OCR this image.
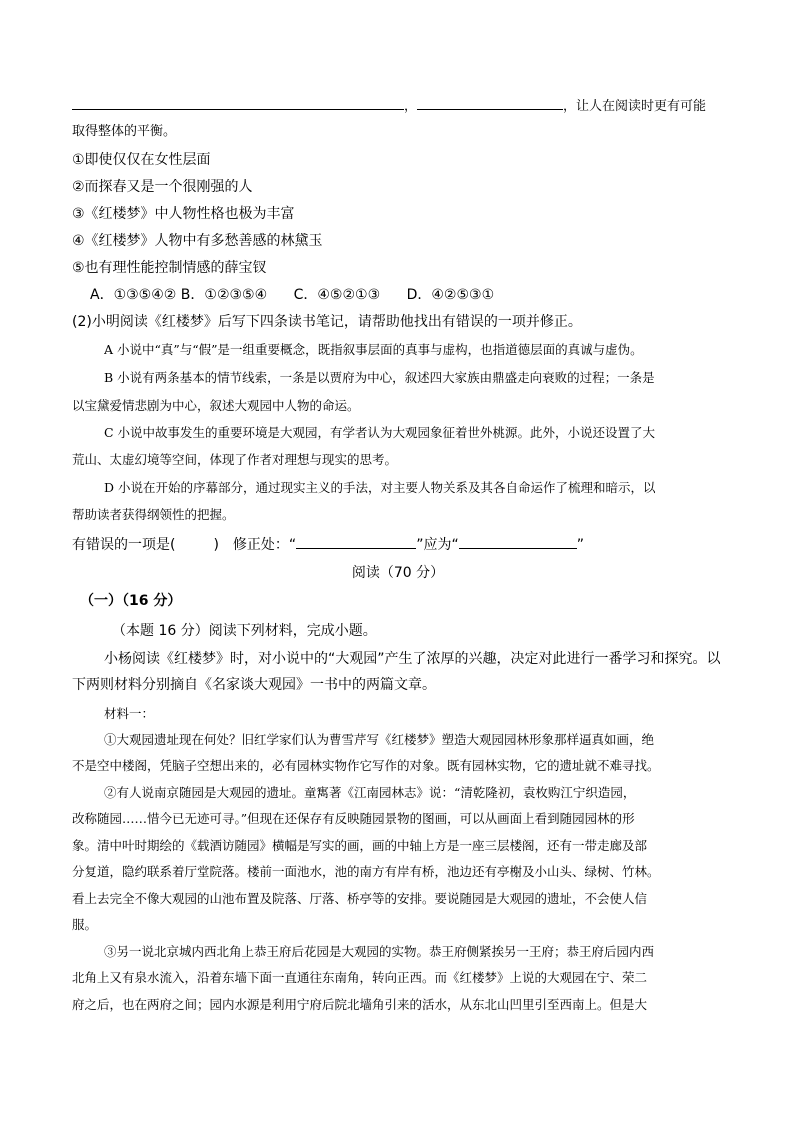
，	，让人在阅读时更有可能
取得整体的平衡。
①即使仅仅在女性层面
②而探春又是一个很刚强的人
③《红楼梦》中人物性格也极为丰富
④《红楼梦》人物中有多愁善感的林黛玉
⑤也有理性能控制情感的薛宝钗
A．①③⑤④② B．①②③⑤④ C．④⑤②①③ D．④②⑤③①
(2)小明阅读《红楼梦》后写下四条读书笔记，请帮助他找出有错误的一项并修正。
A 小说中“真”与“假”是一组重要概念，既指叙事层面的真事与虚构，也指道德层面的真诚与虚伪。
B 小说有两条基本的情节线索，一条是以贾府为中心，叙述四大家族由鼎盛走向衰败的过程；一条是
以宝黛爱情悲剧为中心，叙述大观园中人物的命运。
C 小说中故事发生的重要环境是大观园，有学者认为大观园象征着世外桃源。此外，小说还设置了大
荒山、太虚幻境等空间，体现了作者对理想与现实的思考。
D 小说在开始的序幕部分，通过现实主义的手法，对主要人物关系及其各自命运作了梳理和暗示，以
帮助读者获得纲领性的把握。
有错误的一项是(	)　修正处：“	”应为“	”
阅读（70 分）
（一）（16 分）
（本题 16 分）阅读下列材料，完成小题。
小杨阅读《红楼梦》时，对小说中的“大观园”产生了浓厚的兴趣，决定对此进行一番学习和探究。以
下两则材料分别摘自《名家谈大观园》一书中的两篇文章。
材料一：
①大观园遗址现在何处？旧红学家们认为曹雪芹写《红楼梦》塑造大观园园林形象那样逼真如画，绝
不是空中楼阁，凭脑子空想出来的，必有园林实物作它写作的对象。既有园林实物，它的遗址就不难寻找。
②有人说南京随园是大观园的遗址。童寯著《江南园林志》说：“清乾隆初，袁枚购江宁织造园，
改称随园……惜今已无迹可寻。”但现在还保存有反映随园景物的图画，可以从画面上看到随园园林的形
象。清中叶时期绘的《载酒访随园》横幅是写实的画，画的中轴上方是一座三层楼阁，还有一带走廊及部
分复道，隐约联系着厅堂院落。楼前一面池水，池的南方有岸有桥，池边还有亭榭及小山头、绿树、竹林。
看上去完全不像大观园的山池布置及院落、厅落、桥亭等的安排。要说随园是大观园的遗址，不会使人信
服。
③另一说北京城内西北角上恭王府后花园是大观园的实物。恭王府侧紧挨另一王府；恭王府后园内西
北角上又有泉水流入，沿着东墙下面一直通往东南角，转向正西。而《红楼梦》上说的大观园在宁、荣二
府之后，也在两府之间；园内水源是利用宁府后院北墙角引来的活水，从东北山凹里引至西南上。但是大
